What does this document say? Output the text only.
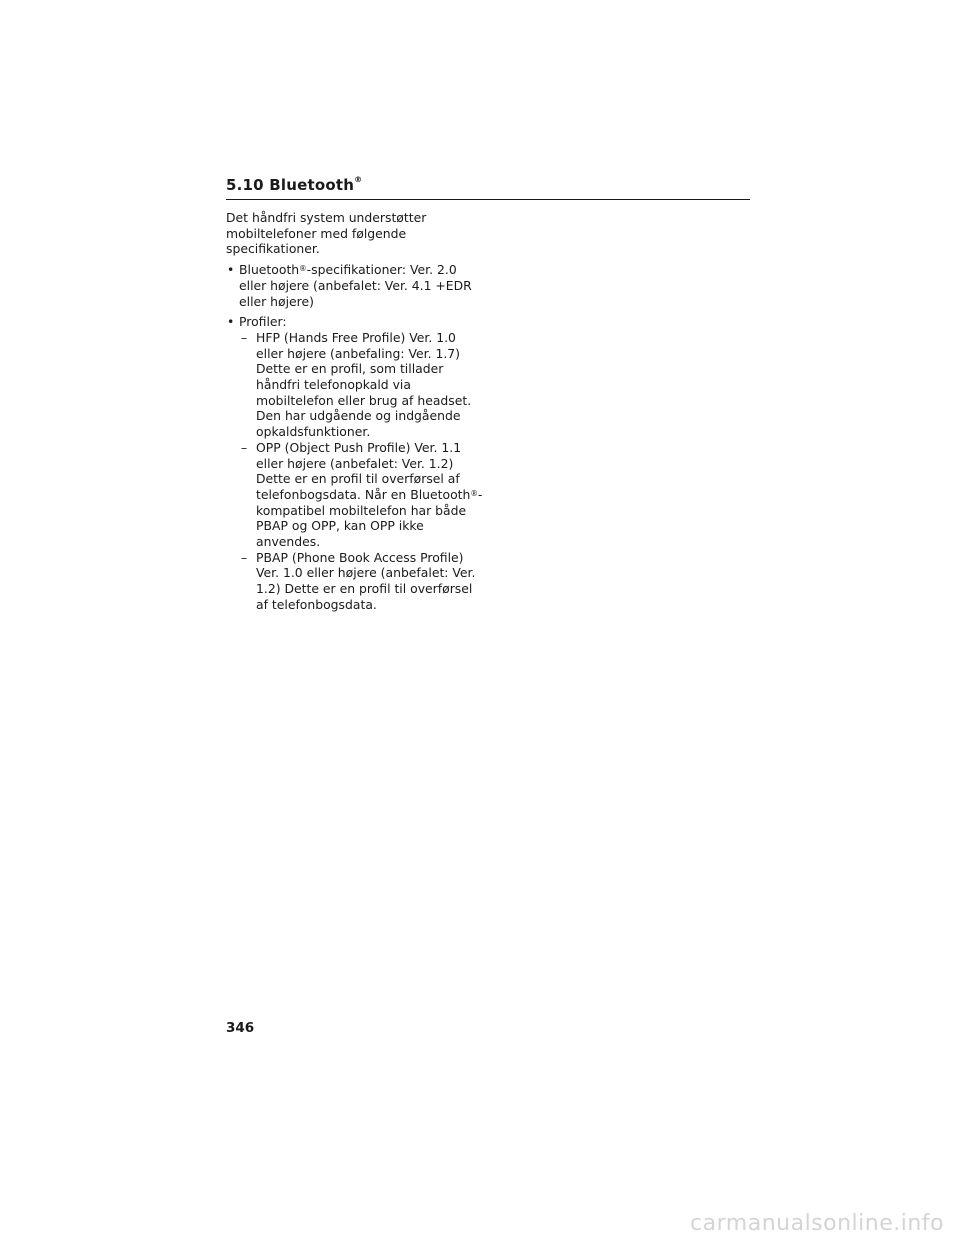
5.10 Bluetooth®

Det håndfri system understøtter mobiltelefoner med følgende specifikationer.

• Bluetooth®-specifikationer: Ver. 2.0 eller højere (anbefalet: Ver. 4.1 +EDR eller højere)
• Profiler:
– HFP (Hands Free Profile) Ver. 1.0 eller højere (anbefaling: Ver. 1.7) Dette er en profil, som tillader håndfri telefonopkald via mobiltelefon eller brug af headset. Den har udgående og indgående opkaldsfunktioner.
– OPP (Object Push Profile) Ver. 1.1 eller højere (anbefalet: Ver. 1.2) Dette er en profil til overførsel af telefonbogsdata. Når en Bluetooth®-kompatibel mobiltelefon har både PBAP og OPP, kan OPP ikke anvendes.
– PBAP (Phone Book Access Profile) Ver. 1.0 eller højere (anbefalet: Ver. 1.2) Dette er en profil til overførsel af telefonbogsdata.
346
carmanualsonline.info
